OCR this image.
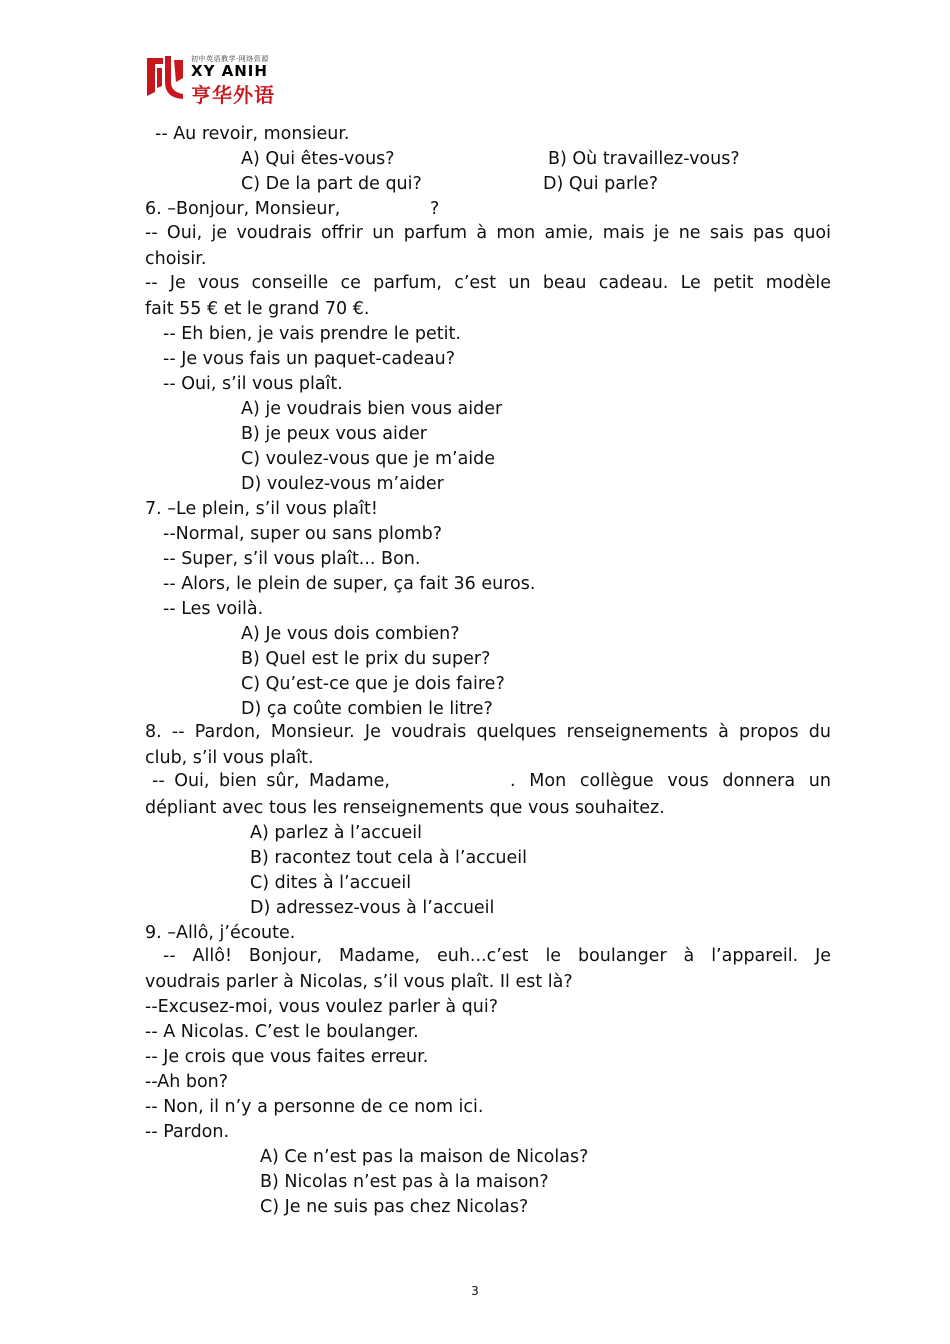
初中英语教学·网络资源
XY ANIH
亨华外语
-- Au revoir, monsieur.
A) Qui êtes-vous?	B) Où travaillez-vous?
C) De la part de qui?	D) Qui parle?
6. –Bonjour, Monsieur,	?
-- Oui, je voudrais offrir un parfum à mon amie, mais je ne sais pas quoi
choisir.
-- Je vous conseille ce parfum, c’est un beau cadeau. Le petit modèle
fait 55 € et le grand 70 €.
-- Eh bien, je vais prendre le petit.
-- Je vous fais un paquet-cadeau?
-- Oui, s’il vous plaît.
A) je voudrais bien vous aider
B) je peux vous aider
C) voulez-vous que je m’aide
D) voulez-vous m’aider
7. –Le plein, s’il vous plaît!
--Normal, super ou sans plomb?
-- Super, s’il vous plaît... Bon.
-- Alors, le plein de super, ça fait 36 euros.
-- Les voilà.
A) Je vous dois combien?
B) Quel est le prix du super?
C) Qu’est-ce que je dois faire?
D) ça coûte combien le litre?
8. -- Pardon, Monsieur. Je voudrais quelques renseignements à propos du
club, s’il vous plaît.
-- Oui, bien sûr, Madame,	. Mon collègue vous donnera un
dépliant avec tous les renseignements que vous souhaitez.
A) parlez à l’accueil
B) racontez tout cela à l’accueil
C) dites à l’accueil
D) adressez-vous à l’accueil
9. –Allô, j’écoute.
-- Allô! Bonjour, Madame, euh...c’est le boulanger à l’appareil. Je
voudrais parler à Nicolas, s’il vous plaît. Il est là?
--Excusez-moi, vous voulez parler à qui?
-- A Nicolas. C’est le boulanger.
-- Je crois que vous faites erreur.
--Ah bon?
-- Non, il n’y a personne de ce nom ici.
-- Pardon.
A) Ce n’est pas la maison de Nicolas?
B) Nicolas n’est pas à la maison?
C) Je ne suis pas chez Nicolas?
3
